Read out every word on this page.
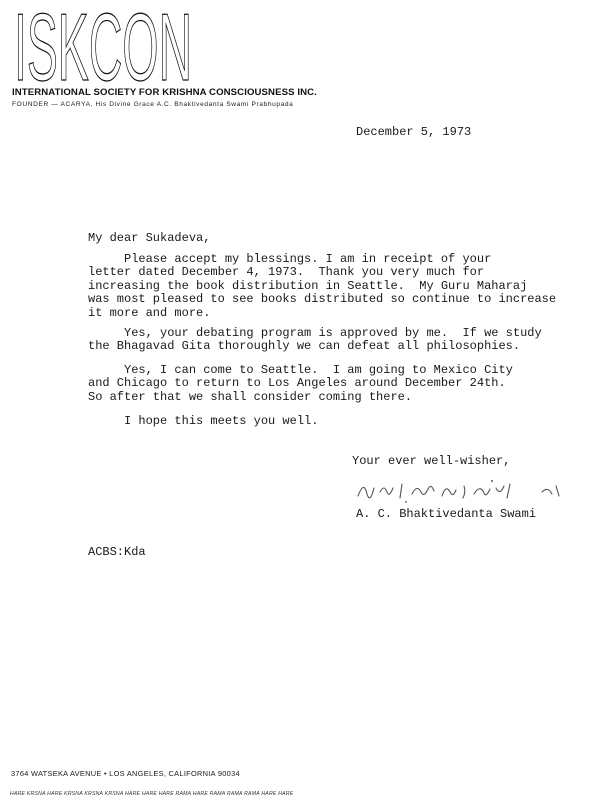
ISKCON
INTERNATIONAL SOCIETY FOR KRISHNA CONSCIOUSNESS INC.
FOUNDER — ACARYA, His Divine Grace A.C. Bhaktivedanta Swami Prabhupada
December 5, 1973
My dear Sukadeva,

Please accept my blessings. I am in receipt of your
letter dated December 4, 1973.  Thank you very much for
increasing the book distribution in Seattle.  My Guru Maharaj
was most pleased to see books distributed so continue to increase
it more and more.

Yes, your debating program is approved by me.  If we study
the Bhagavad Gita thoroughly we can defeat all philosophies.

Yes, I can come to Seattle.  I am going to Mexico City
and Chicago to return to Los Angeles around December 24th.
So after that we shall consider coming there.

I hope this meets you well.

Your ever well-wisher,
A. C. Bhaktivedanta Swami
ACBS:Kda
3764 WATSEKA AVENUE • LOS ANGELES, CALIFORNIA 90034
HARE KRSNA HARE KRSNA KRSNA KRSNA HARE HARE HARE RAMA HARE RAMA RAMA RAMA HARE HARE
